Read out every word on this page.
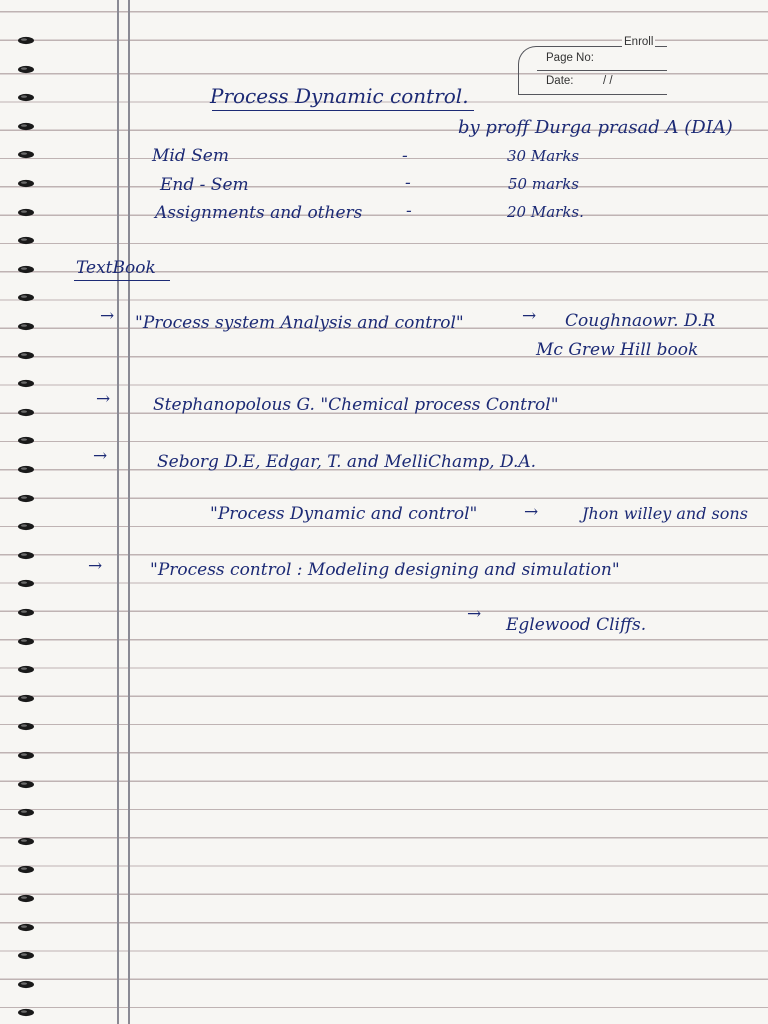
Page No:
Date:	/ /
Enroll
Process Dynamic control.
by proff Durga prasad A (DIA)
Mid Sem	-	30 Marks
End - Sem	-	50 marks
Assignments and others	-	20 Marks.
TextBook
→ "Process system Analysis and control"	→ Coughnaowr. D.R
Mc Grew Hill book
→	Stephanopolous G. "Chemical process Control"
→	Seborg D.E, Edgar, T. and MelliChamp, D.A.
"Process Dynamic and control"	→	Jhon willey and sons
→	"Process control : Modeling designing and simulation"
→
Eglewood Cliffs.
